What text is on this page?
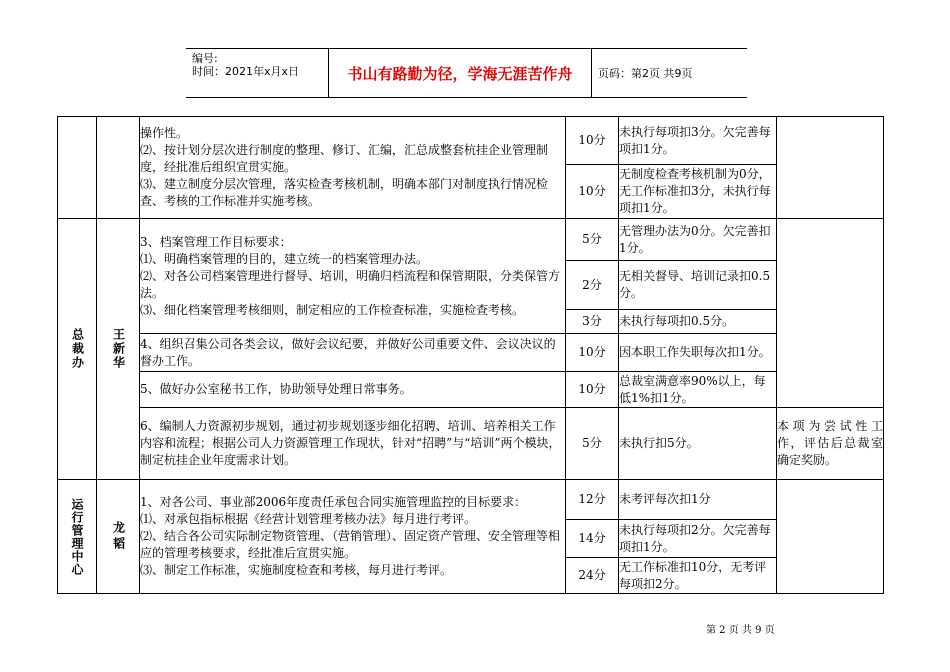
编号:
时间：2021年x月x日	书山有路勤为径，学海无涯苦作舟	页码：第2页 共9页

		操作性。
⑵、按计划分层次进行制度的整理、修订、汇编，汇总成整套杭挂企业管理制度，经批准后组织宣贯实施。
⑶、建立制度分层次管理，落实检查考核机制，明确本部门对制度执行情况检查、考核的工作标准并实施考核。	10分	未执行每项扣3分。欠完善每项扣1分。	
			10分	无制度检查考核机制为0分，无工作标准扣3分，未执行每项扣1分。	
总裁办	王新华	3、档案管理工作目标要求：
⑴、明确档案管理的目的，建立统一的档案管理办法。
⑵、对各公司档案管理进行督导、培训，明确归档流程和保管期限，分类保管方法。
⑶、细化档案管理考核细则，制定相应的工作检查标准，实施检查考核。	5分	无管理办法为0分。欠完善扣1分。	
			2分	无相关督导、培训记录扣0.5分。	
			3分	未执行每项扣0.5分。	
		4、组织召集公司各类会议，做好会议纪要，并做好公司重要文件、会议决议的督办工作。	10分	因本职工作失职每次扣1分。	
		5、做好办公室秘书工作，协助领导处理日常事务。	10分	总裁室满意率90%以上，每低1%扣1分。	
		6、编制人力资源初步规划，通过初步规划逐步细化招聘、培训、培养相关工作内容和流程；根据公司人力资源管理工作现状，针对“招聘”与“培训”两个模块，制定杭挂企业年度需求计划。	5分	未执行扣5分。	本项为尝试性工作，评估后总裁室确定奖励。
运行管理中心	龙韬	1、对各公司、事业部2006年度责任承包合同实施管理监控的目标要求：
⑴、对承包指标根据《经营计划管理考核办法》每月进行考评。
⑵、结合各公司实际制定物资管理、（营销管理）、固定资产管理、安全管理等相应的管理考核要求，经批准后宣贯实施。
⑶、制定工作标准，实施制度检查和考核，每月进行考评。	12分	未考评每次扣1分	
			14分	未执行每项扣2分。欠完善每项扣1分。	
			24分	无工作标准扣10分，无考评每项扣2分。	
第 2 页 共 9 页
